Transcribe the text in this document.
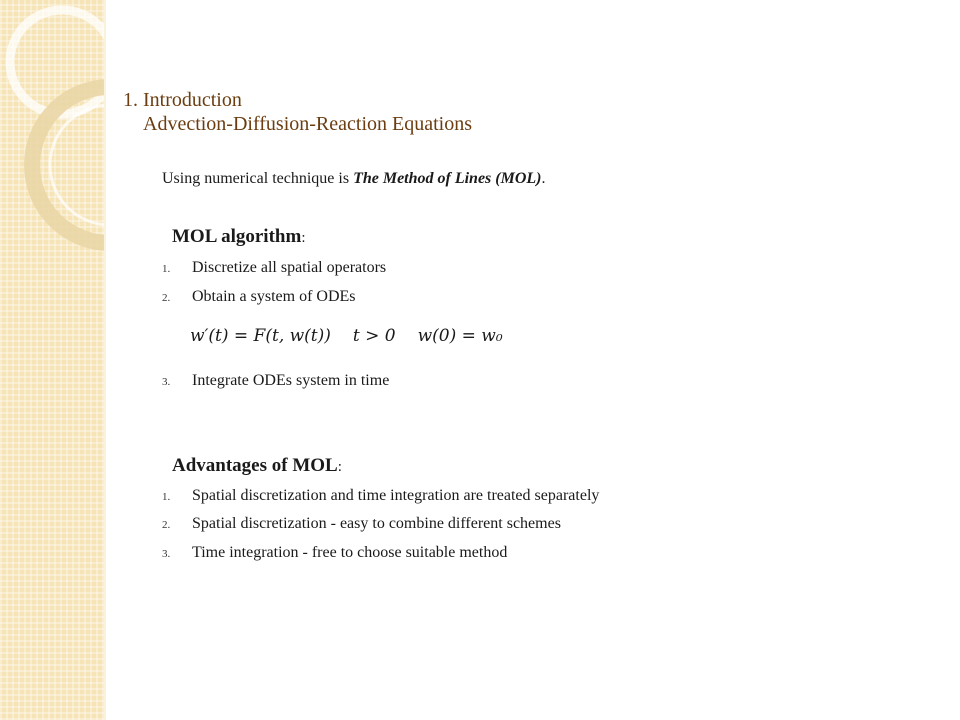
1. Introduction
Advection-Diffusion-Reaction Equations
Using numerical technique is The Method of Lines (MOL).
MOL algorithm:
1. Discretize all spatial operators
2. Obtain a system of ODEs
w′(t) = F(t, w(t)) t > 0 w(0) = w₀
3. Integrate ODEs system in time
Advantages of MOL:
1. Spatial discretization and time integration are treated separately
2. Spatial discretization - easy to combine different schemes
3. Time integration - free to choose suitable method
